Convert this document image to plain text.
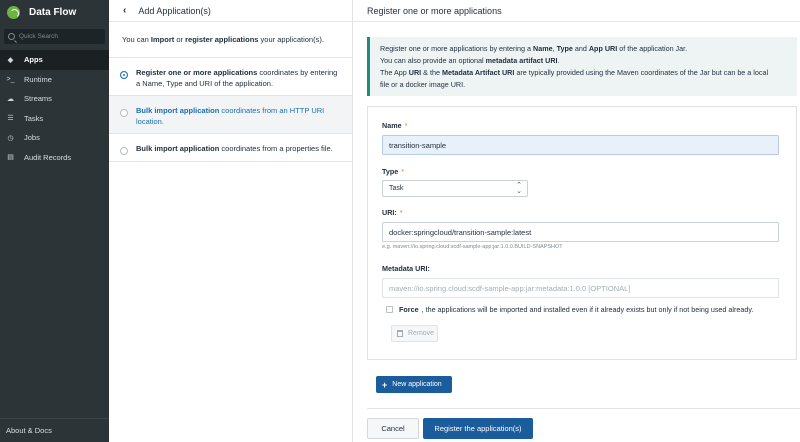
Data Flow
Quick Search
◆ Apps
>_ Runtime
☁ Streams
☰ Tasks
◷ Jobs
▤ Audit Records
About & Docs
‹ Add Application(s)
You can Import or register applications your application(s).
Register one or more applications coordinates by entering a Name, Type and URI of the application.
Bulk import application coordinates from an HTTP URI location.
Bulk import application coordinates from a properties file.
Register one or more applications
Register one or more applications by entering a Name, Type and App URI of the application Jar.
You can also provide an optional metadata artifact URI.
The App URI & the Metadata Artifact URI are typically provided using the Maven coordinates of the Jar but can be a local
file or a docker image URI.
Name *
transition-sample
Type *
Task	⌃
⌄
URI: *
docker:springcloud/transition-sample:latest
e.g. maven://io.spring.cloud:scdf-sample-app:jar:1.0.0.BUILD-SNAPSHOT
Metadata URI:
maven://io.spring.cloud:scdf-sample-app:jar:metadata:1.0.0 [OPTIONAL]
Force , the applications will be imported and installed even if it already exists but only if not being used already.
Remove
+ New application
Cancel	Register the application(s)
